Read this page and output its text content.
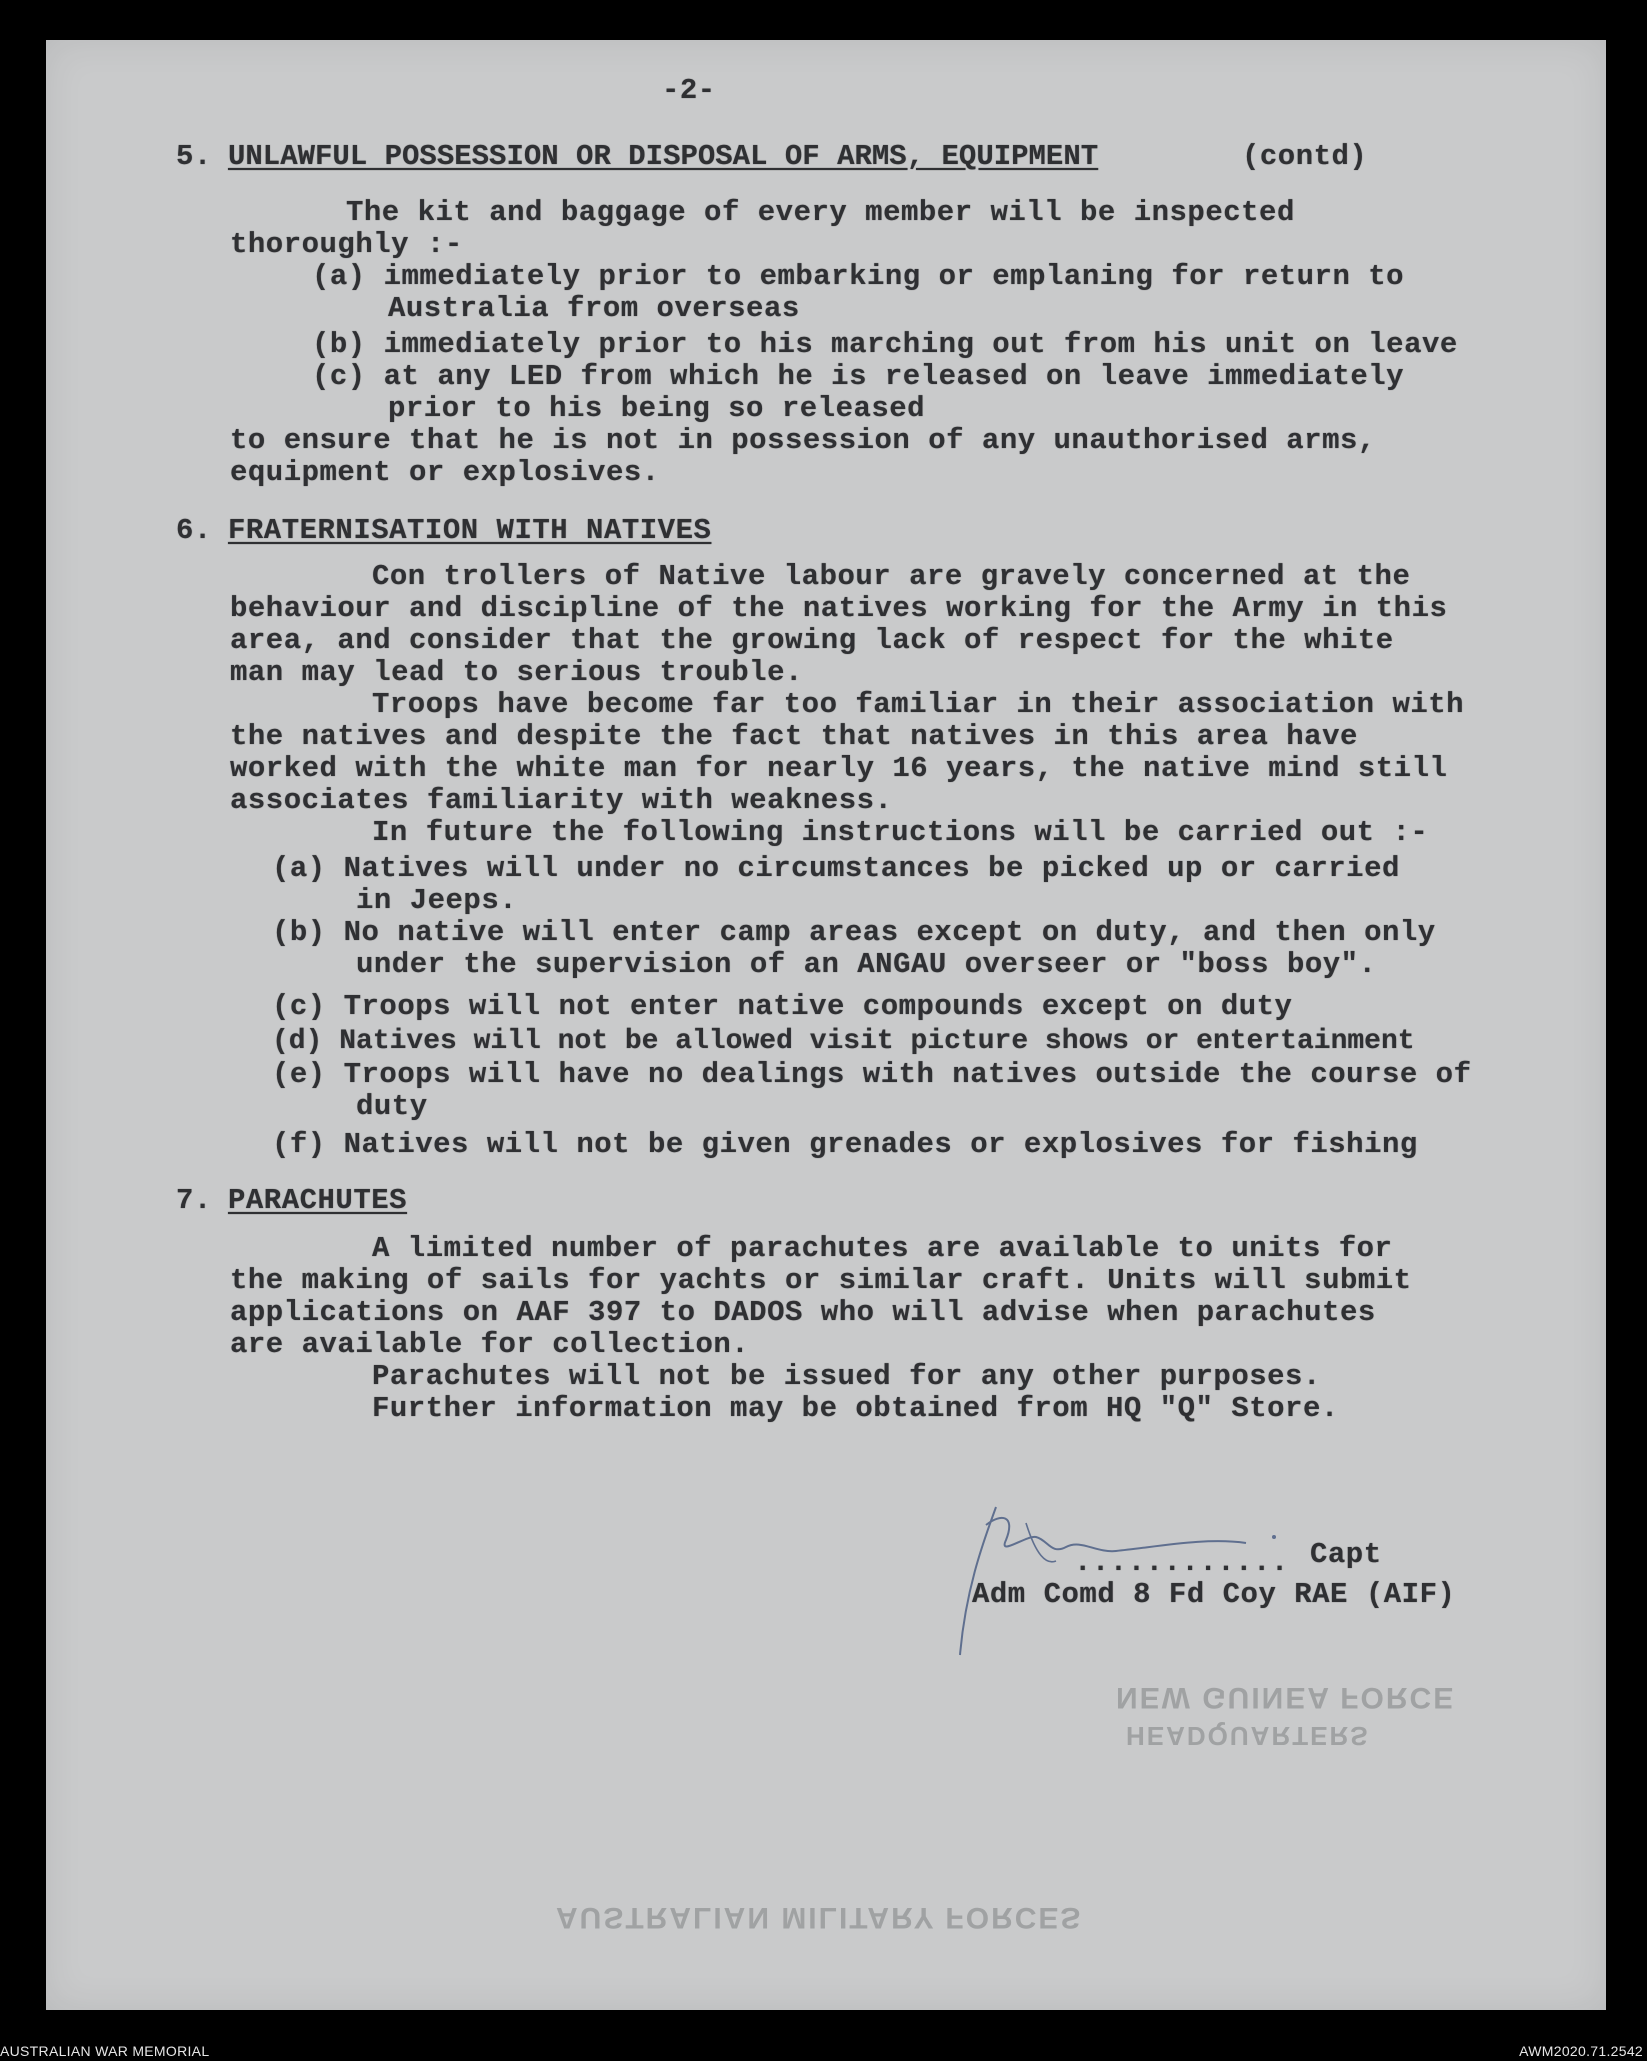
-2-
5. UNLAWFUL POSSESSION OR DISPOSAL OF ARMS, EQUIPMENT	(contd)
The kit and baggage of every member will be inspected
thoroughly :-
(a) immediately prior to embarking or emplaning for return to
Australia from overseas
(b) immediately prior to his marching out from his unit on leave
(c) at any LED from which he is released on leave immediately
prior to his being so released
to ensure that he is not in possession of any unauthorised arms,
equipment or explosives.
6. FRATERNISATION WITH NATIVES
Con trollers of Native labour are gravely concerned at the
behaviour and discipline of the natives working for the Army in this
area, and consider that the growing lack of respect for the white
man may lead to serious trouble.
Troops have become far too familiar in their association with
the natives and despite the fact that natives in this area have
worked with the white man for nearly 16 years, the native mind still
associates familiarity with weakness.
In future the following instructions will be carried out :-
(a) Natives will under no circumstances be picked up or carried
in Jeeps.
(b) No native will enter camp areas except on duty, and then only
under the supervision of an ANGAU overseer or "boss boy".
(c) Troops will not enter native compounds except on duty
(d) Natives will not be allowed visit picture shows or entertainment
(e) Troops will have no dealings with natives outside the course of
duty
(f) Natives will not be given grenades or explosives for fishing
7. PARACHUTES
A limited number of parachutes are available to units for
the making of sails for yachts or similar craft. Units will submit
applications on AAF 397 to DADOS who will advise when parachutes
are available for collection.
Parachutes will not be issued for any other purposes.
Further information may be obtained from HQ "Q" Store.
............ Capt
Adm Comd 8 Fd Coy RAE (AIF)
NEW GUINEA FORCE
HEADQUARTERS
AUSTRALIAN MILITARY FORCES
AUSTRALIAN WAR MEMORIAL	AWM2020.71.2542
